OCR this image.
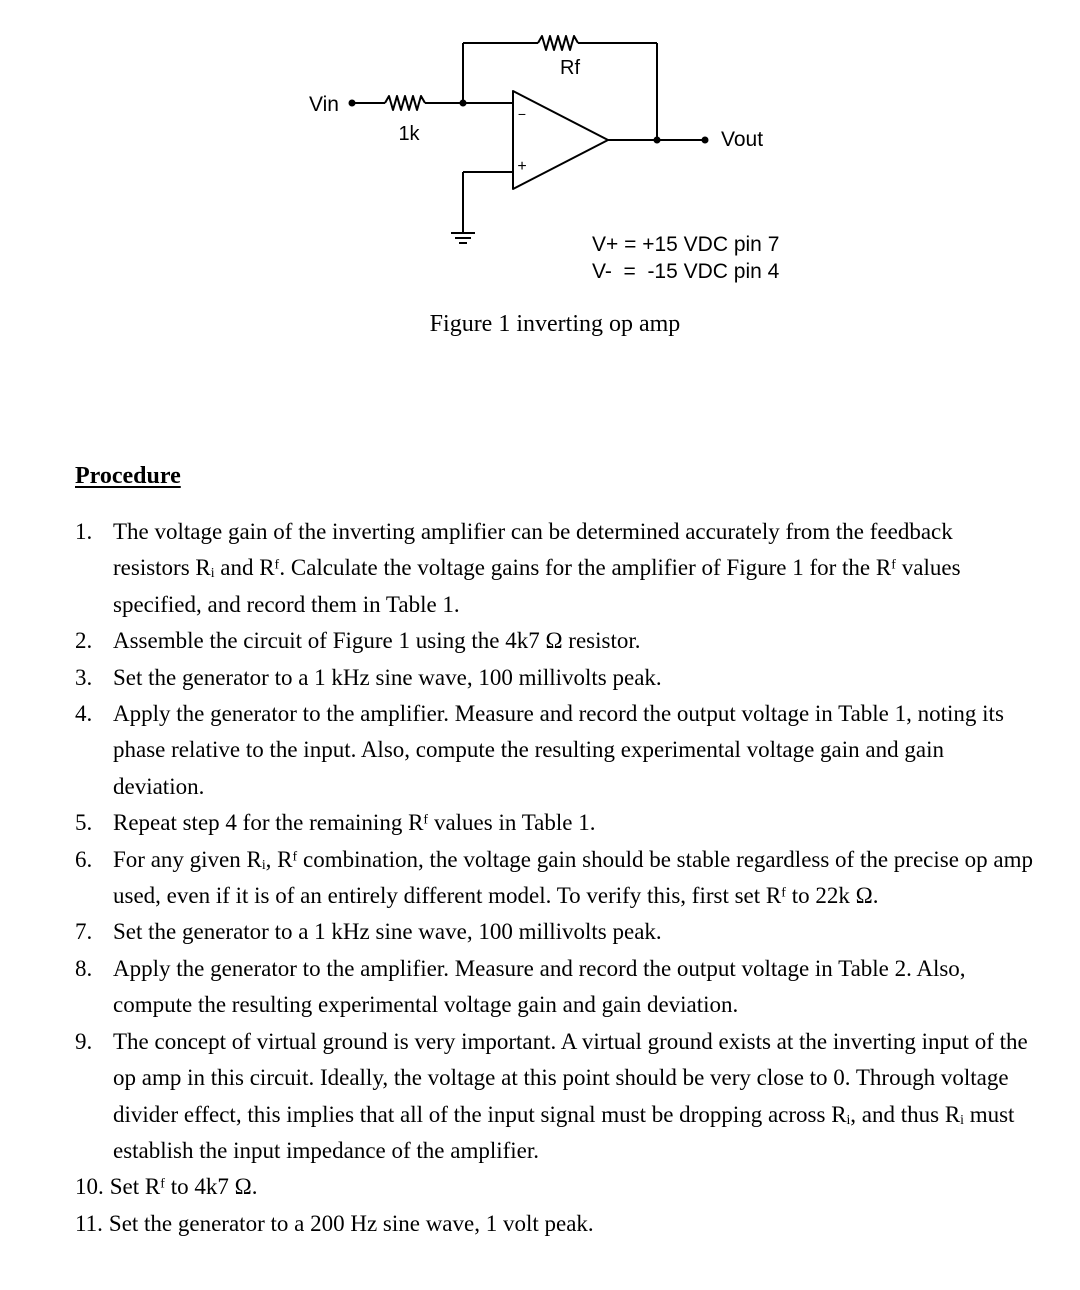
Vin
1k
Rf
Vout
−
+
V+ = +15 VDC pin 7
V-  =  -15 VDC pin 4
Figure 1 inverting op amp
Procedure
1. The voltage gain of the inverting amplifier can be determined accurately from the feedback resistors Rᵢ and Rᶠ. Calculate the voltage gains for the amplifier of Figure 1 for the Rᶠ values specified, and record them in Table 1.
2. Assemble the circuit of Figure 1 using the 4k7 Ω resistor.
3. Set the generator to a 1 kHz sine wave, 100 millivolts peak.
4. Apply the generator to the amplifier. Measure and record the output voltage in Table 1, noting its phase relative to the input. Also, compute the resulting experimental voltage gain and gain deviation.
5. Repeat step 4 for the remaining Rᶠ values in Table 1.
6. For any given Rᵢ, Rᶠ combination, the voltage gain should be stable regardless of the precise op amp used, even if it is of an entirely different model. To verify this, first set Rᶠ to 22k Ω.
7. Set the generator to a 1 kHz sine wave, 100 millivolts peak.
8. Apply the generator to the amplifier. Measure and record the output voltage in Table 2. Also, compute the resulting experimental voltage gain and gain deviation.
9. The concept of virtual ground is very important. A virtual ground exists at the inverting input of the op amp in this circuit. Ideally, the voltage at this point should be very close to 0. Through voltage divider effect, this implies that all of the input signal must be dropping across Rᵢ, and thus Rᵢ must establish the input impedance of the amplifier.
10. Set Rᶠ to 4k7 Ω.
11. Set the generator to a 200 Hz sine wave, 1 volt peak.
